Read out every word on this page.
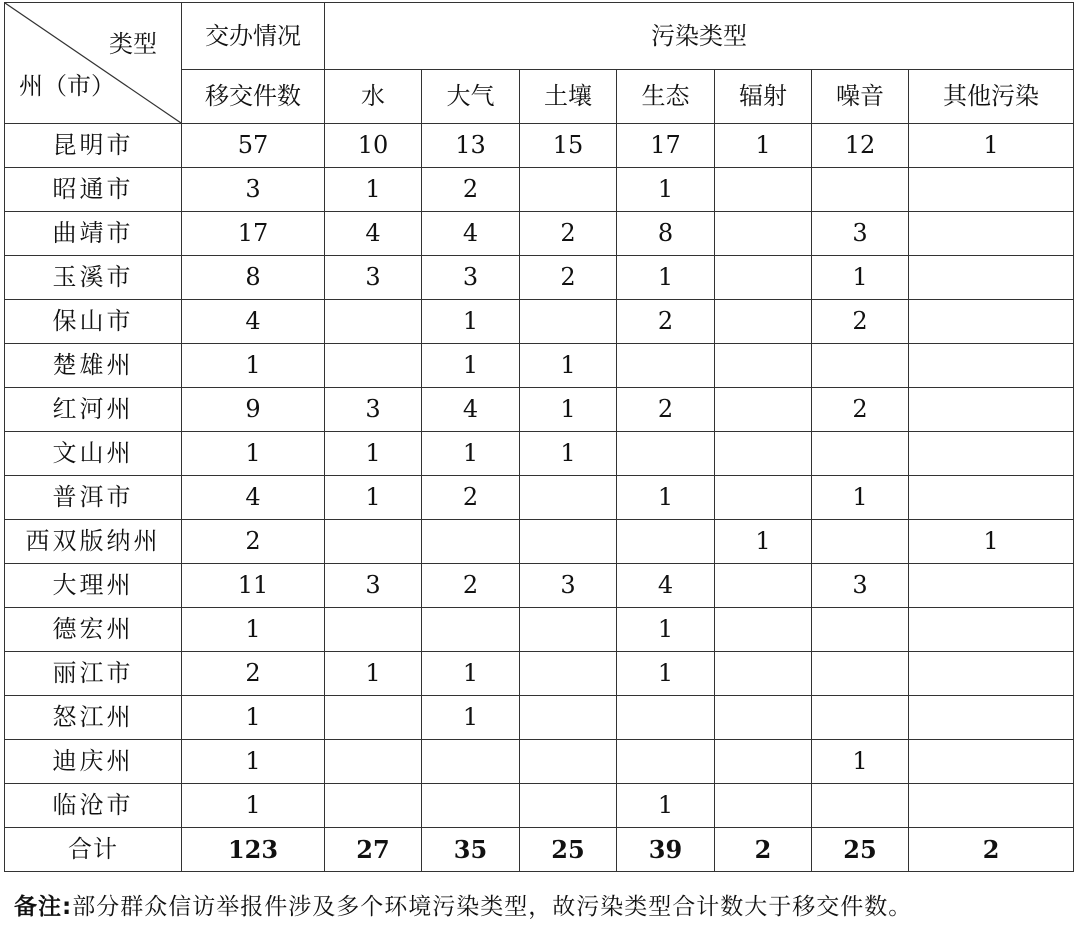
类型
州（市）	交办情况	污染类型						
	移交件数	水	大气	土壤	生态	辐射	噪音	其他污染
昆明市	57	10	13	15	17	1	12	1
昭通市	3	1	2		1			
曲靖市	17	4	4	2	8		3	
玉溪市	8	3	3	2	1		1	
保山市	4		1		2		2	
楚雄州	1		1	1				
红河州	9	3	4	1	2		2	
文山州	1	1	1	1				
普洱市	4	1	2		1		1	
西双版纳州	2					1		1
大理州	11	3	2	3	4		3	
德宏州	1				1			
丽江市	2	1	1		1			
怒江州	1		1					
迪庆州	1						1	
临沧市	1				1			
合计	123	27	35	25	39	2	25	2
备注:部分群众信访举报件涉及多个环境污染类型，故污染类型合计数大于移交件数。
